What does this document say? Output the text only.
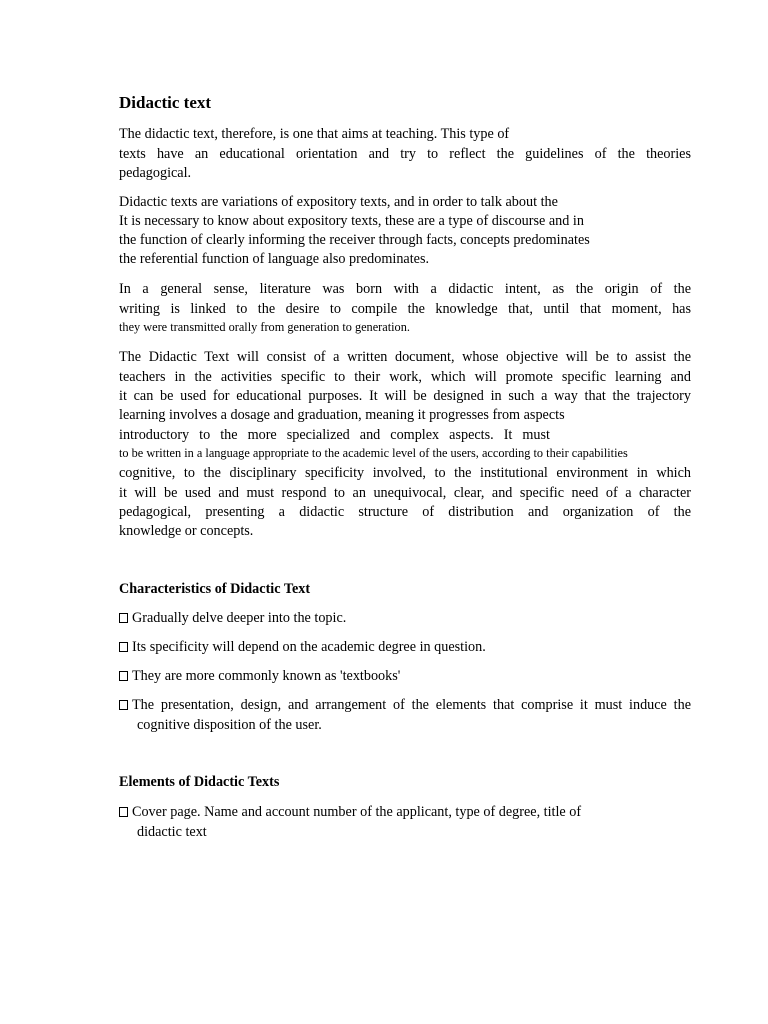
Didactic text
The didactic text, therefore, is one that aims at teaching. This type of
texts have an educational orientation and try to reflect the guidelines of the theories
pedagogical.
Didactic texts are variations of expository texts, and in order to talk about the
It is necessary to know about expository texts, these are a type of discourse and in
the function of clearly informing the receiver through facts, concepts predominates
the referential function of language also predominates.
In a general sense, literature was born with a didactic intent, as the origin of the
writing is linked to the desire to compile the knowledge that, until that moment, has
they were transmitted orally from generation to generation.
The Didactic Text will consist of a written document, whose objective will be to assist the
teachers in the activities specific to their work, which will promote specific learning and
it can be used for educational purposes. It will be designed in such a way that the trajectory
learning involves a dosage and graduation, meaning it progresses from aspects
introductory to the more specialized and complex aspects. It must
to be written in a language appropriate to the academic level of the users, according to their capabilities
cognitive, to the disciplinary specificity involved, to the institutional environment in which
it will be used and must respond to an unequivocal, clear, and specific need of a character
pedagogical, presenting a didactic structure of distribution and organization of the
knowledge or concepts.
Characteristics of Didactic Text
Gradually delve deeper into the topic.
Its specificity will depend on the academic degree in question.
They are more commonly known as 'textbooks'
The presentation, design, and arrangement of the elements that comprise it must induce the
cognitive disposition of the user.
Elements of Didactic Texts
Cover page. Name and account number of the applicant, type of degree, title of
didactic text
